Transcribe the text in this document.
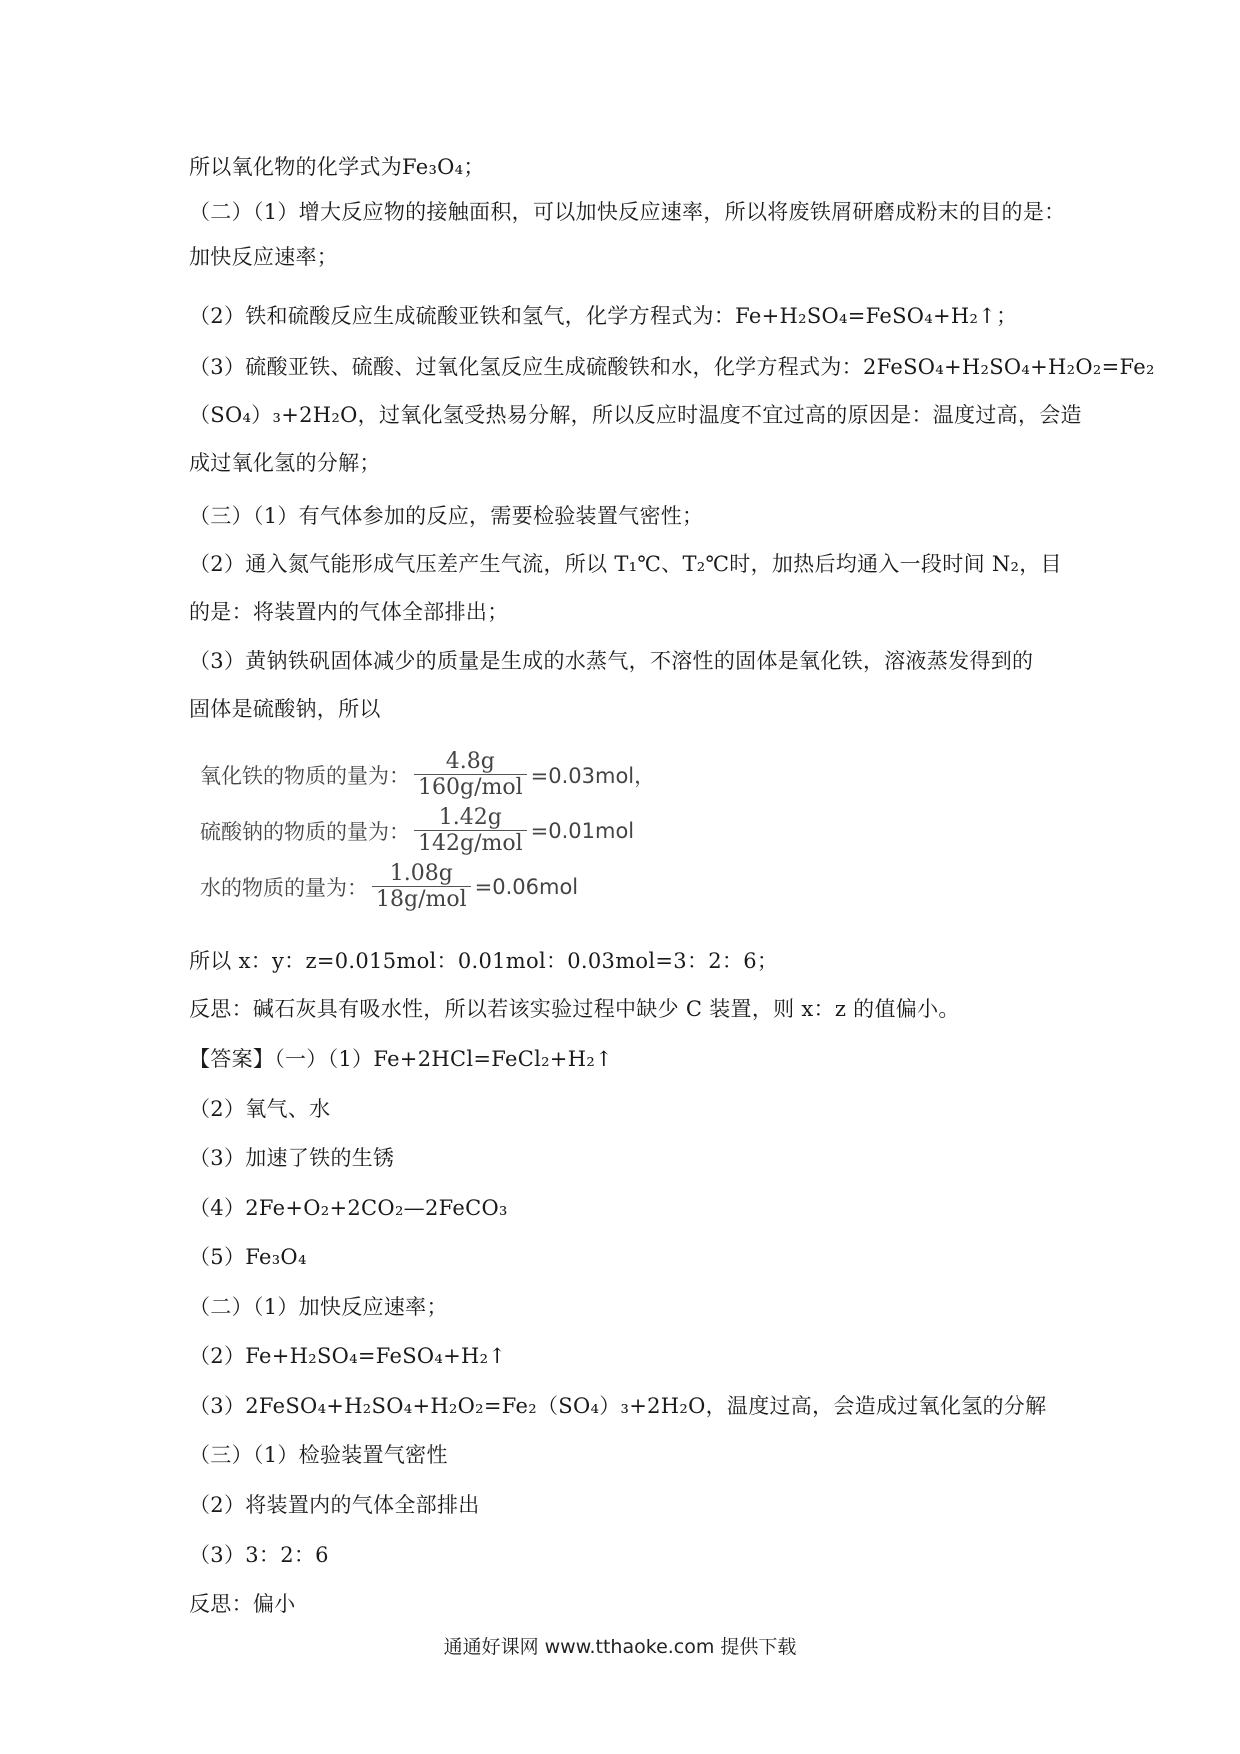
所以氧化物的化学式为Fe₃O₄；
（二）（1）增大反应物的接触面积，可以加快反应速率，所以将废铁屑研磨成粉末的目的是：
加快反应速率；
（2）铁和硫酸反应生成硫酸亚铁和氢气，化学方程式为：Fe+H₂SO₄=FeSO₄+H₂↑；
（3）硫酸亚铁、硫酸、过氧化氢反应生成硫酸铁和水，化学方程式为：2FeSO₄+H₂SO₄+H₂O₂=Fe₂
（SO₄）₃+2H₂O，过氧化氢受热易分解，所以反应时温度不宜过高的原因是：温度过高，会造
成过氧化氢的分解；
（三）（1）有气体参加的反应，需要检验装置气密性；
（2）通入氮气能形成气压差产生气流，所以 T₁℃、T₂℃时，加热后均通入一段时间 N₂，目
的是：将装置内的气体全部排出；
（3）黄钠铁矾固体减少的质量是生成的水蒸气，不溶性的固体是氧化铁，溶液蒸发得到的
固体是硫酸钠，所以
氧化铁的物质的量为： $\frac{4.8g}{\text{160g/mol}} =0.03mol$，
硫酸钠的物质的量为： $\frac{1.42g}{\text{142g/mol}} =0.01mol$
水的物质的量为： $\frac{1.08g}{\text{18g/mol}} =0.06mol$
所以 x：y：z=0.015mol：0.01mol：0.03mol=3：2：6；
反思：碱石灰具有吸水性，所以若该实验过程中缺少 C 装置，则 x：z 的值偏小。
【答案】（一）（1）Fe+2HCl=FeCl₂+H₂↑
（2）氧气、水
（3）加速了铁的生锈
（4）2Fe+O₂+2CO₂—2FeCO₃
（5）Fe₃O₄
（二）（1）加快反应速率；
（2）Fe+H₂SO₄=FeSO₄+H₂↑
（3）2FeSO₄+H₂SO₄+H₂O₂=Fe₂（SO₄）₃+2H₂O，温度过高，会造成过氧化氢的分解
（三）（1）检验装置气密性
（2）将装置内的气体全部排出
（3）3：2：6
反思：偏小
通通好课网 www.tthaoke.com 提供下载
